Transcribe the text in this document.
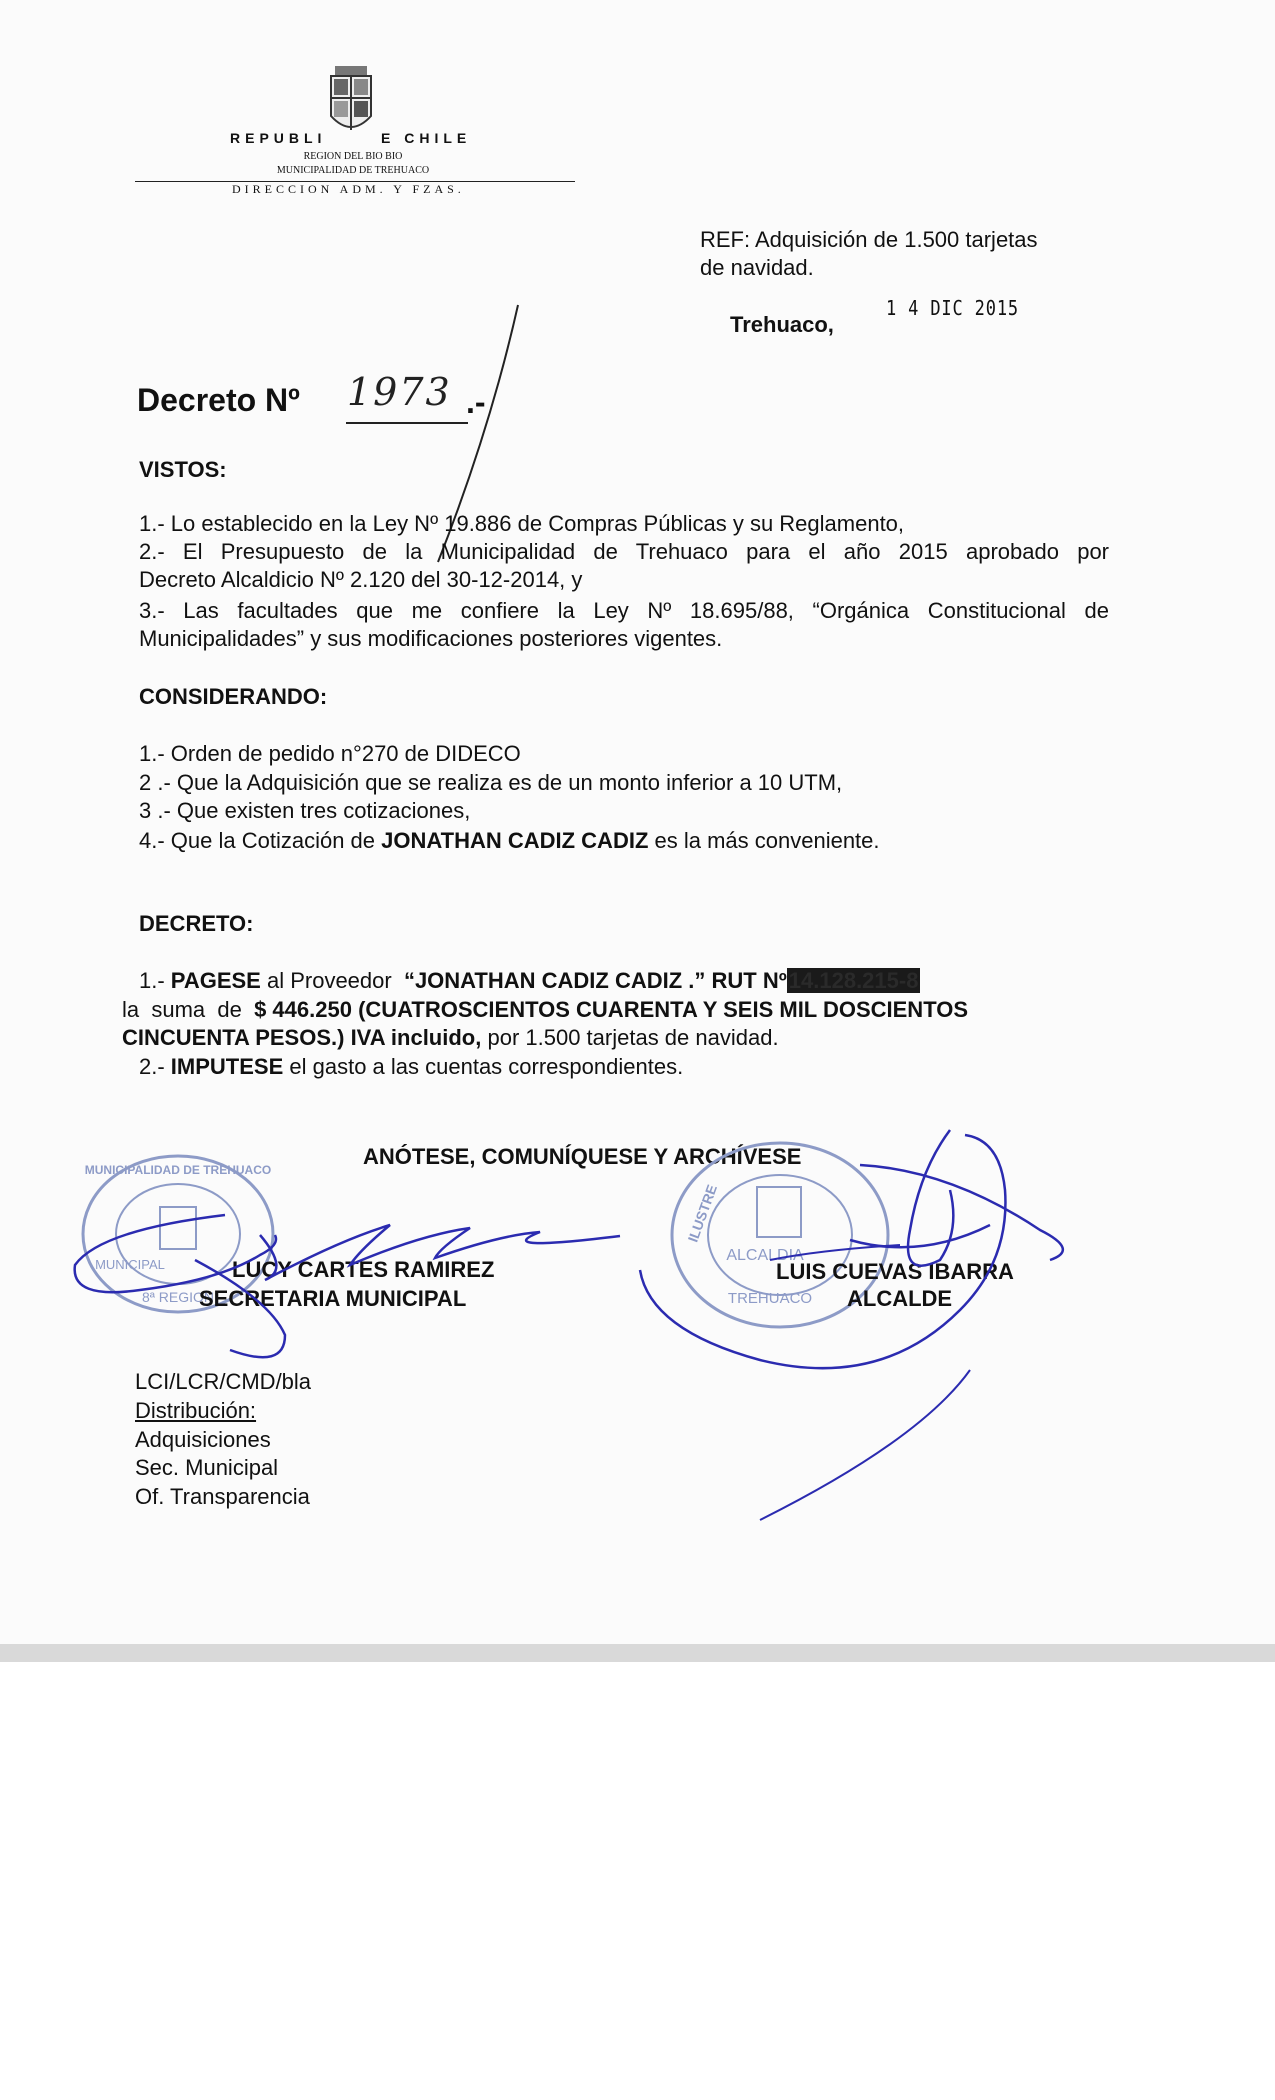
REPUBLI	E CHILE
REGION DEL BIO BIO
MUNICIPALIDAD DE TREHUACO
DIRECCION ADM. Y FZAS.
REF: Adquisición de 1.500 tarjetas
de navidad.
Trehuaco,
1 4 DIC 2015
Decreto Nº 1973 .-
VISTOS:
1.- Lo establecido en la Ley Nº 19.886 de Compras Públicas y su Reglamento,
2.- El Presupuesto de la Municipalidad de Trehuaco para el año 2015 aprobado por
Decreto Alcaldicio Nº 2.120 del 30-12-2014, y
3.- Las facultades que me confiere la Ley Nº 18.695/88, “Orgánica Constitucional de
Municipalidades” y sus modificaciones posteriores vigentes.
CONSIDERANDO:
1.- Orden de pedido n°270 de DIDECO
2 .- Que la Adquisición que se realiza es de un monto inferior a 10 UTM,
3 .- Que existen tres cotizaciones,
4.- Que la Cotización de JONATHAN CADIZ CADIZ es la más conveniente.
DECRETO:
1.- PAGESE al Proveedor  “JONATHAN CADIZ CADIZ .” RUT Nº14.128.215-8
la  suma  de  $ 446.250 (CUATROSCIENTOS CUARENTA Y SEIS MIL DOSCIENTOS
CINCUENTA PESOS.) IVA incluido, por 1.500 tarjetas de navidad.
2.- IMPUTESE el gasto a las cuentas correspondientes.
ANÓTESE, COMUNÍQUESE Y ARCHÍVESE
MUNICIPALIDAD DE TREHUACO
MUNICIPAL
8ª REGION
ILUSTRE
ALCALDIA
TREHUACO
LUCY CARTES RAMIREZ
SECRETARIA MUNICIPAL
LUIS CUEVAS IBARRA
ALCALDE
LCI/LCR/CMD/bla
Distribución:
Adquisiciones
Sec. Municipal
Of. Transparencia
